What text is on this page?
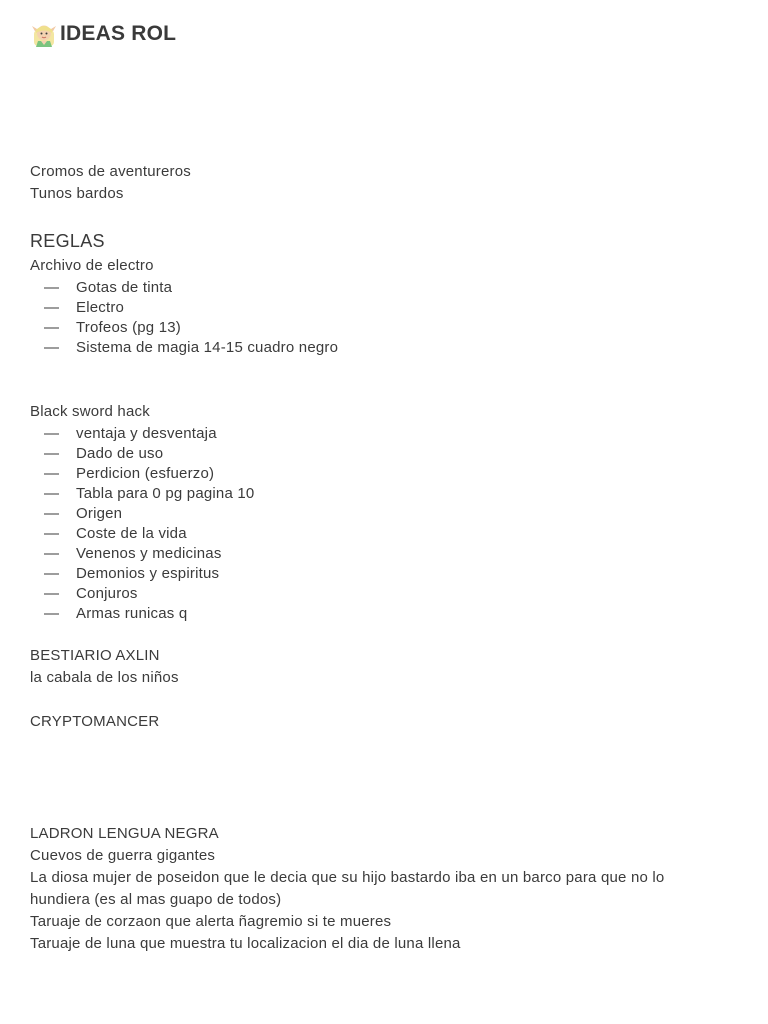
IDEAS ROL
Cromos de aventureros
Tunos bardos
REGLAS
Archivo de electro
—	Gotas de tinta
—	Electro
—	Trofeos (pg 13)
—	Sistema de magia 14-15 cuadro negro
Black sword hack
—	ventaja y desventaja
—	Dado de uso
—	Perdicion (esfuerzo)
—	Tabla para 0 pg pagina 10
—	Origen
—	Coste de la vida
—	Venenos y medicinas
—	Demonios y espiritus
—	Conjuros
—	Armas runicas q
BESTIARIO AXLIN
la cabala de los niños
CRYPTOMANCER
LADRON LENGUA NEGRA
Cuevos de guerra gigantes
La diosa mujer de poseidon que le decia que su hijo bastardo iba en un barco para que no lo hundiera (es al mas guapo de todos)
Taruaje de corzaon que alerta ñagremio si te mueres
Taruaje de luna que muestra tu localizacion el dia de luna llena
